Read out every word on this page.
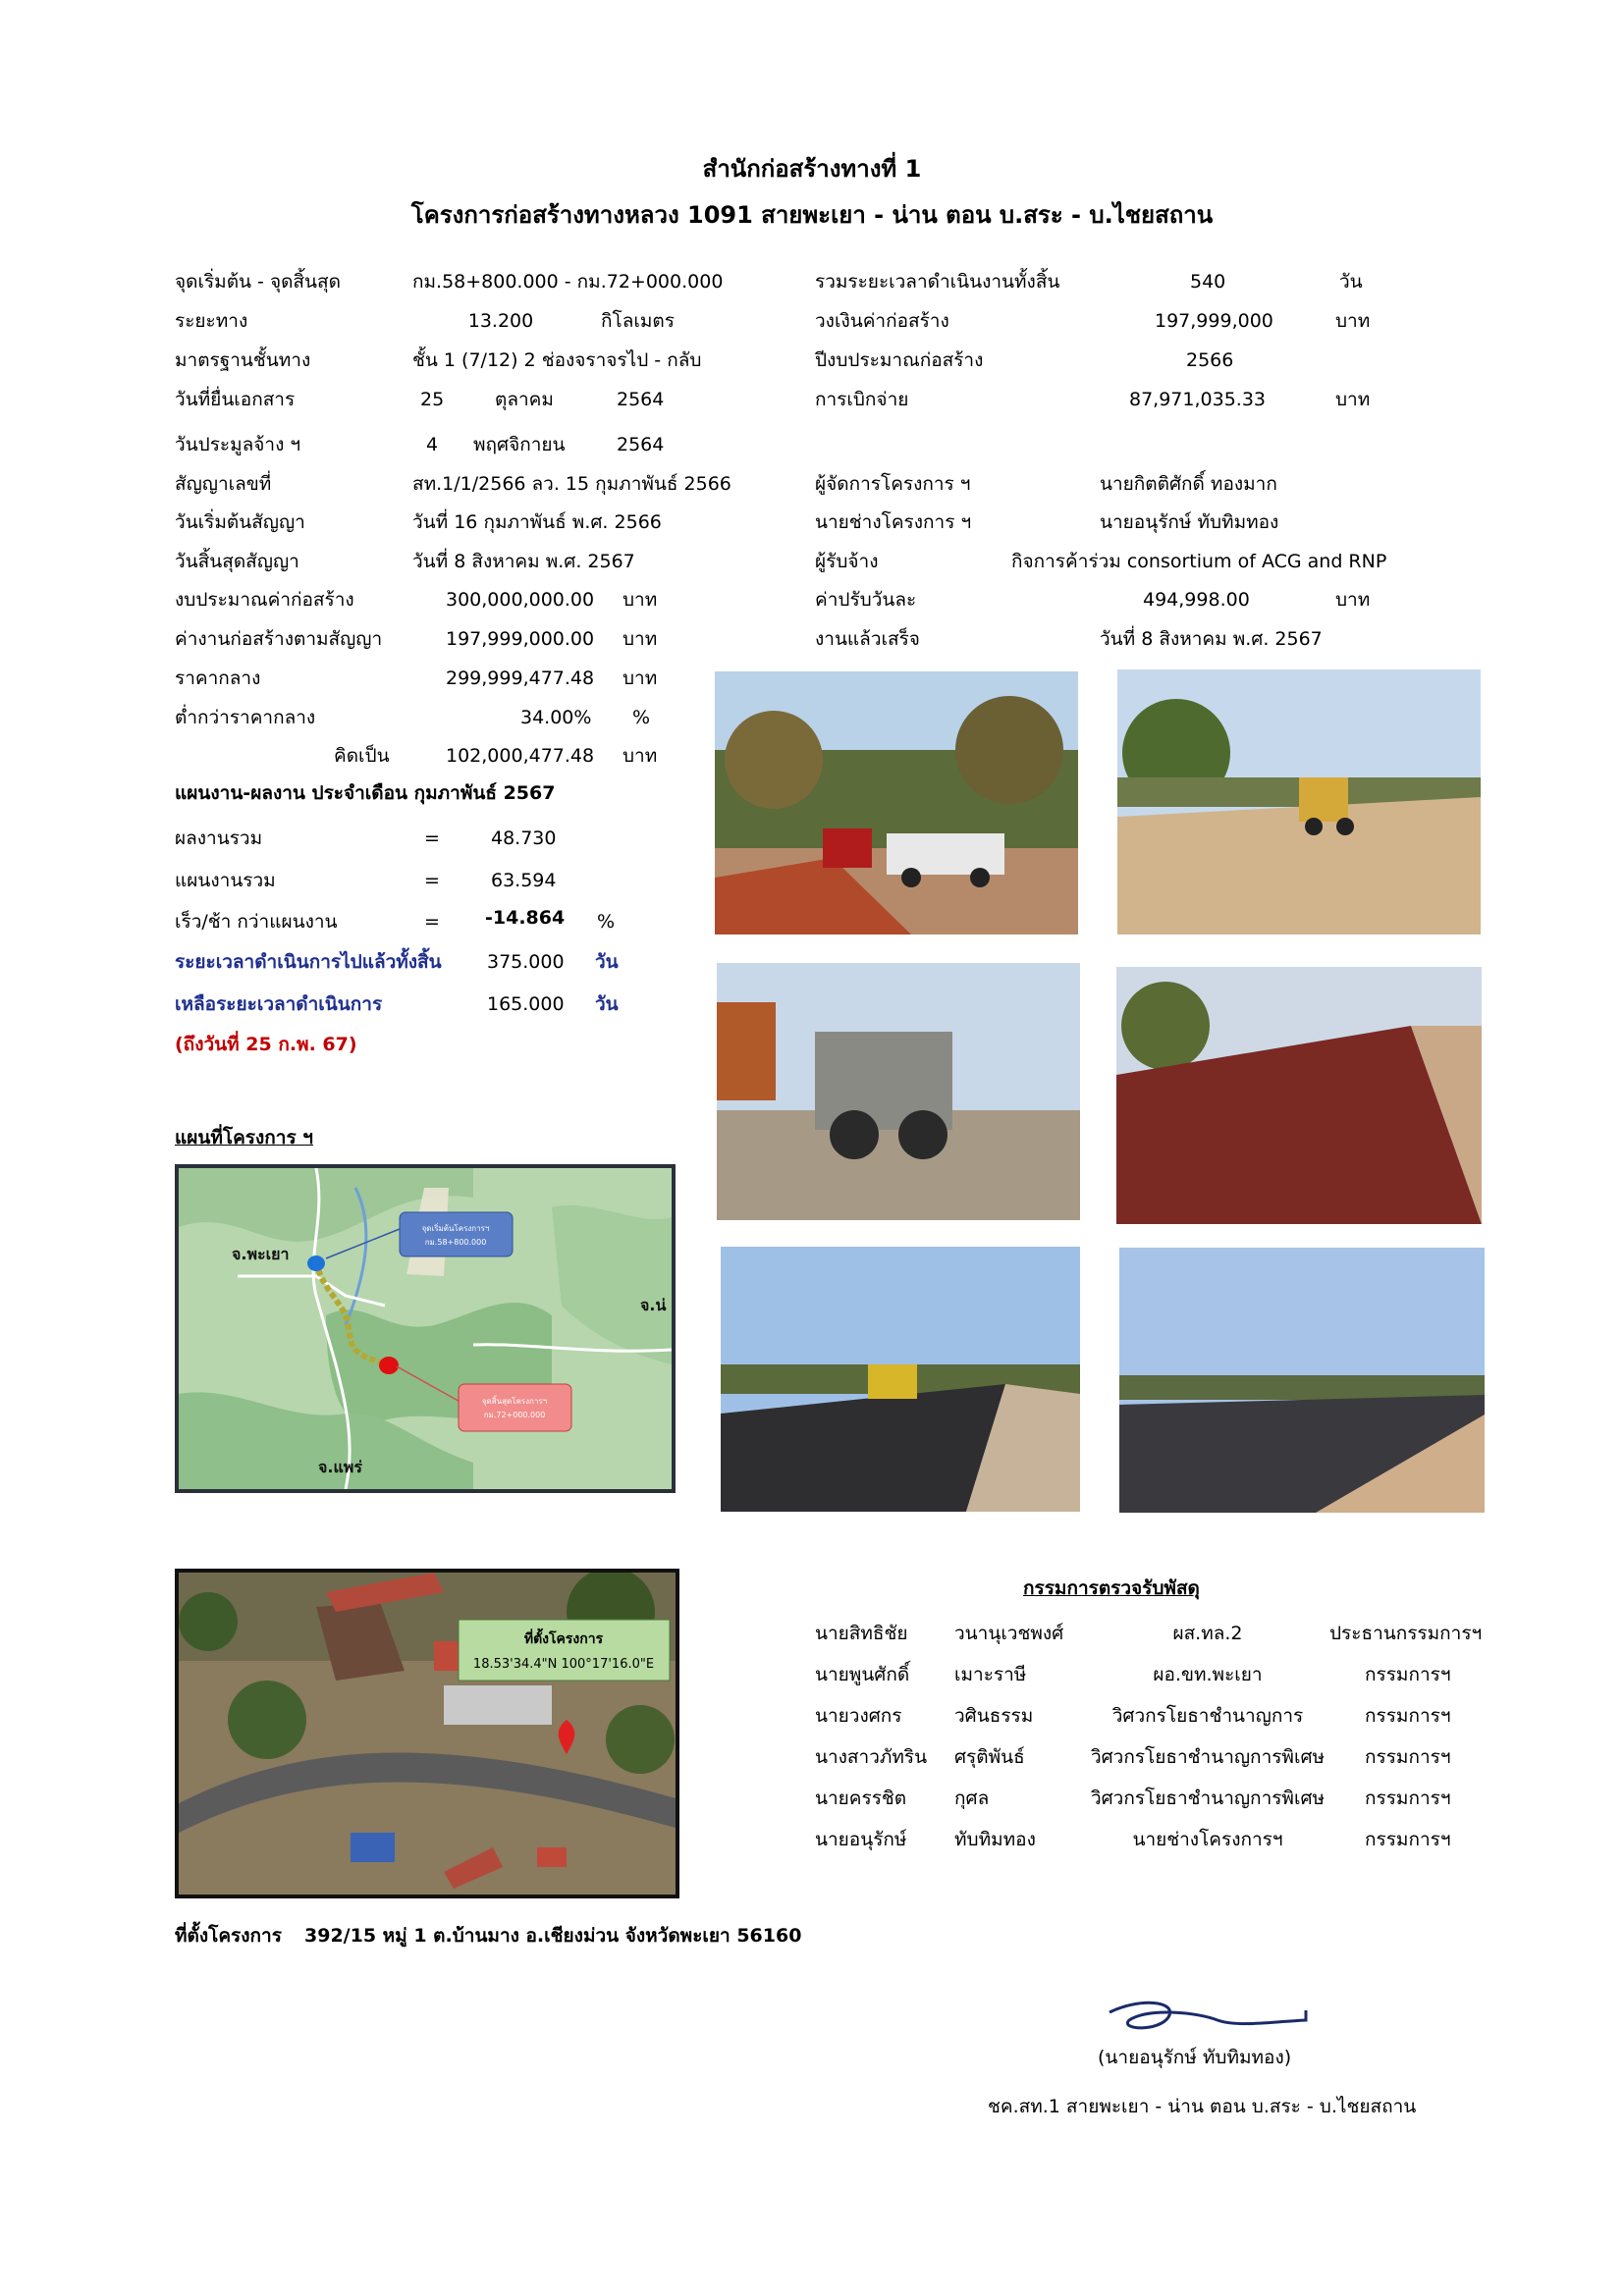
สำนักก่อสร้างทางที่ 1
โครงการก่อสร้างทางหลวง 1091 สายพะเยา - น่าน ตอน บ.สระ - บ.ไชยสถาน
จุดเริ่มต้น - จุดสิ้นสุด	กม.58+800.000 - กม.72+000.000
ระยะทาง	13.200	กิโลเมตร
มาตรฐานชั้นทาง	ชั้น 1 (7/12) 2 ช่องจราจรไป - กลับ
วันที่ยื่นเอกสาร	25	ตุลาคม	2564
วันประมูลจ้าง ฯ	4 พฤศจิกายน	2564
สัญญาเลขที่	สท.1/1/2566 ลว. 15 กุมภาพันธ์ 2566
วันเริ่มต้นสัญญา	วันที่ 16 กุมภาพันธ์ พ.ศ. 2566
วันสิ้นสุดสัญญา	วันที่ 8 สิงหาคม พ.ศ. 2567
งบประมาณค่าก่อสร้าง	300,000,000.00 บาท
ค่างานก่อสร้างตามสัญญา	197,999,000.00 บาท
ราคากลาง	299,999,477.48 บาท
ต่ำกว่าราคากลาง	34.00% %
คิดเป็น	102,000,477.48 บาท
รวมระยะเวลาดำเนินงานทั้งสิ้น	540	วัน
วงเงินค่าก่อสร้าง	197,999,000	บาท
ปีงบประมาณก่อสร้าง	2566
การเบิกจ่าย	87,971,035.33	บาท
ผู้จัดการโครงการ ฯ	นายกิตติศักดิ์ ทองมาก
นายช่างโครงการ ฯ	นายอนุรักษ์ ทับทิมทอง
ผู้รับจ้าง	กิจการค้าร่วม consortium of ACG and RNP
ค่าปรับวันละ	494,998.00	บาท
งานแล้วเสร็จ	วันที่ 8 สิงหาคม พ.ศ. 2567
แผนงาน-ผลงาน ประจำเดือน กุมภาพันธ์ 2567
ผลงานรวม	=	48.730
แผนงานรวม	=	63.594
เร็ว/ช้า กว่าแผนงาน	= -14.864 %
ระยะเวลาดำเนินการไปแล้วทั้งสิ้น 375.000 วัน
เหลือระยะเวลาดำเนินการ	165.000 วัน
(ถึงวันที่ 25 ก.พ. 67)
แผนที่โครงการ ฯ
จุดเริ่มต้นโครงการฯ
กม.58+800.000
จุดสิ้นสุดโครงการฯ
กม.72+000.000
จ.พะเยา
จ.น่
จ.แพร่
ที่ตั้งโครงการ
18.53'34.4"N 100°17'16.0"E
ที่ตั้งโครงการ 392/15 หมู่ 1 ต.บ้านมาง อ.เชียงม่วน จังหวัดพะเยา 56160
กรรมการตรวจรับพัสดุ
นายสิทธิชัย วนานุเวชพงศ์	ผส.ทล.2	ประธานกรรมการฯ
นายพูนศักดิ์ เมาะราษี	ผอ.ขท.พะเยา	กรรมการฯ
นายวงศกร	วศินธรรม	วิศวกรโยธาชำนาญการ	กรรมการฯ
นางสาวภัทริน ศรุติพันธ์	วิศวกรโยธาชำนาญการพิเศษ	กรรมการฯ
นายครรชิต	กุศล	วิศวกรโยธาชำนาญการพิเศษ	กรรมการฯ
นายอนุรักษ์	ทับทิมทอง	นายช่างโครงการฯ	กรรมการฯ
(นายอนุรักษ์ ทับทิมทอง)
ชค.สท.1 สายพะเยา - น่าน ตอน บ.สระ - บ.ไชยสถาน
